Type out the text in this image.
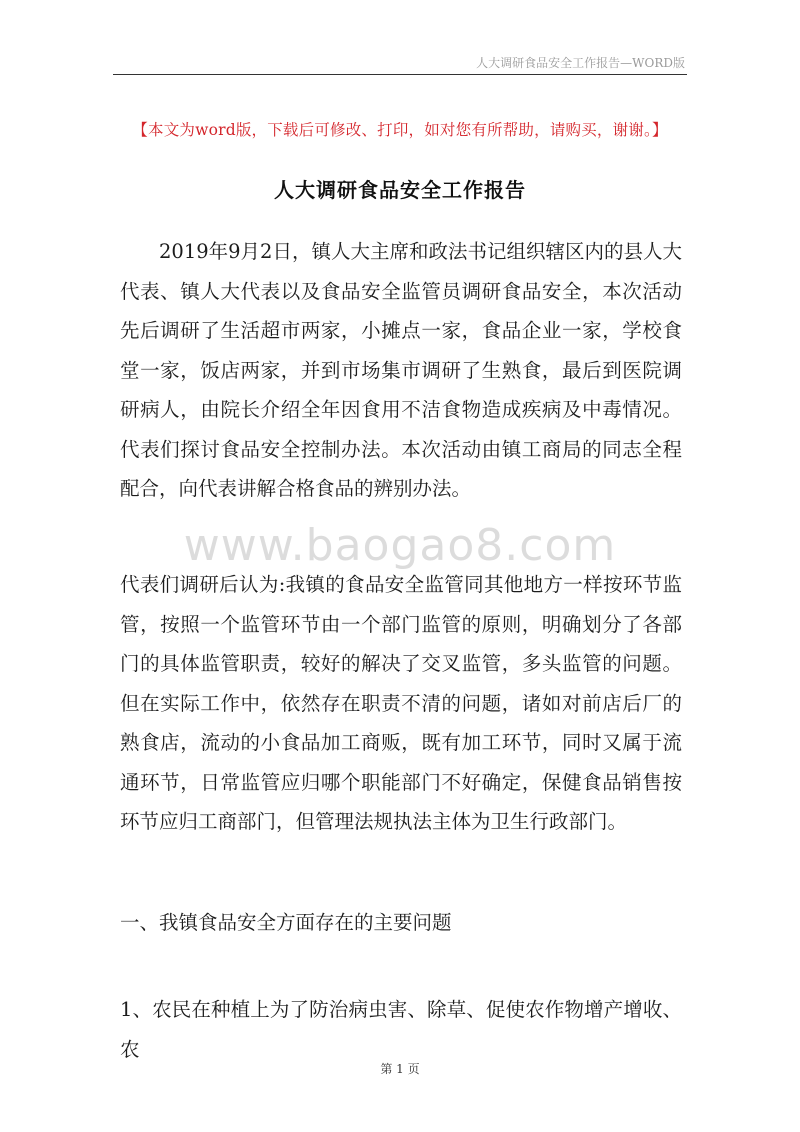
人大调研食品安全工作报告—WORD版
【本文为word版，下载后可修改、打印，如对您有所帮助，请购买，谢谢。】
人大调研食品安全工作报告

2019年9月2日，镇人大主席和政法书记组织辖区内的县人大代表、镇人大代表以及食品安全监管员调研食品安全，本次活动先后调研了生活超市两家，小摊点一家，食品企业一家，学校食堂一家，饭店两家，并到市场集市调研了生熟食，最后到医院调研病人，由院长介绍全年因食用不洁食物造成疾病及中毒情况。代表们探讨食品安全控制办法。本次活动由镇工商局的同志全程配合，向代表讲解合格食品的辨别办法。

www.baogao8.com

代表们调研后认为:我镇的食品安全监管同其他地方一样按环节监管，按照一个监管环节由一个部门监管的原则，明确划分了各部门的具体监管职责，较好的解决了交叉监管，多头监管的问题。但在实际工作中，依然存在职责不清的问题，诸如对前店后厂的熟食店，流动的小食品加工商贩，既有加工环节，同时又属于流通环节，日常监管应归哪个职能部门不好确定，保健食品销售按环节应归工商部门，但管理法规执法主体为卫生行政部门。

一、我镇食品安全方面存在的主要问题

1、农民在种植上为了防治病虫害、除草、促使农作物增产增收、农

第 1 页
